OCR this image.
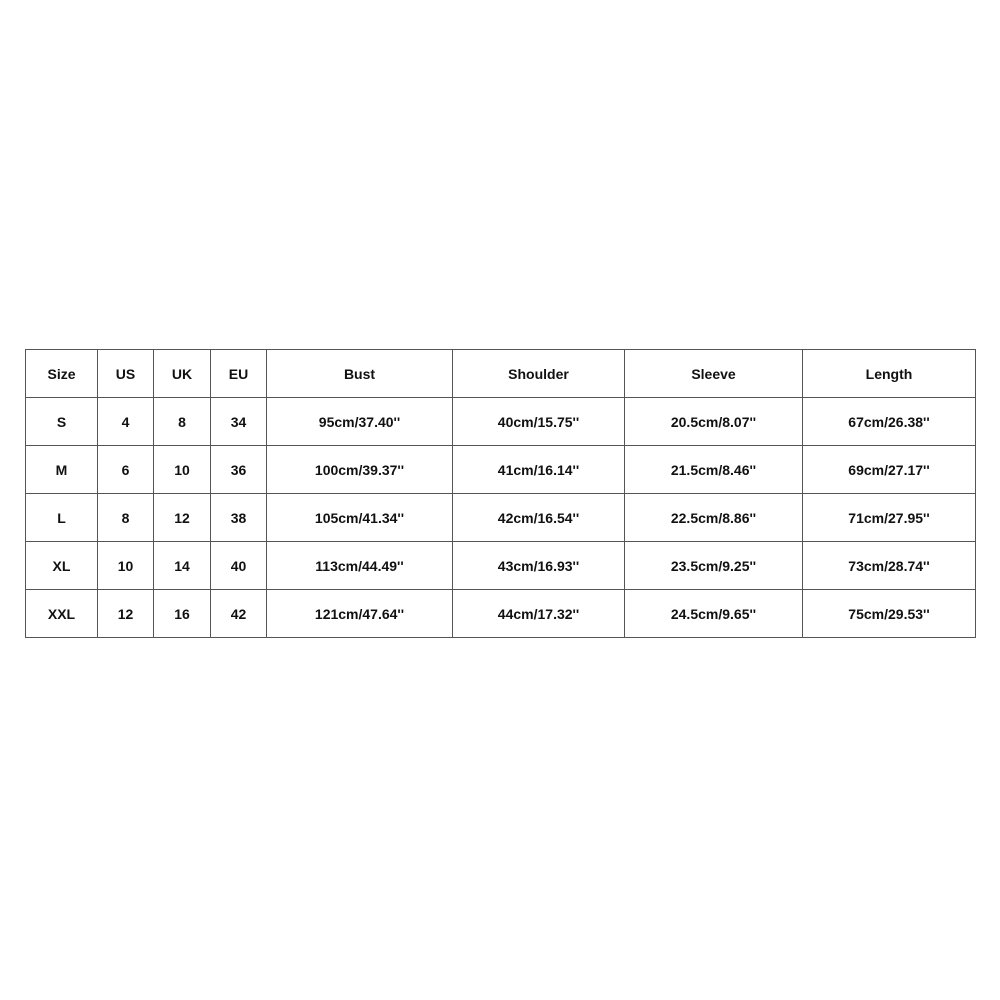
Size	US	UK	EU	Bust	Shoulder	Sleeve	Length
S	4	8	34	95cm/37.40''	40cm/15.75''	20.5cm/8.07''	67cm/26.38''
M	6	10	36	100cm/39.37''	41cm/16.14''	21.5cm/8.46''	69cm/27.17''
L	8	12	38	105cm/41.34''	42cm/16.54''	22.5cm/8.86''	71cm/27.95''
XL	10	14	40	113cm/44.49''	43cm/16.93''	23.5cm/9.25''	73cm/28.74''
XXL	12	16	42	121cm/47.64''	44cm/17.32''	24.5cm/9.65''	75cm/29.53''
